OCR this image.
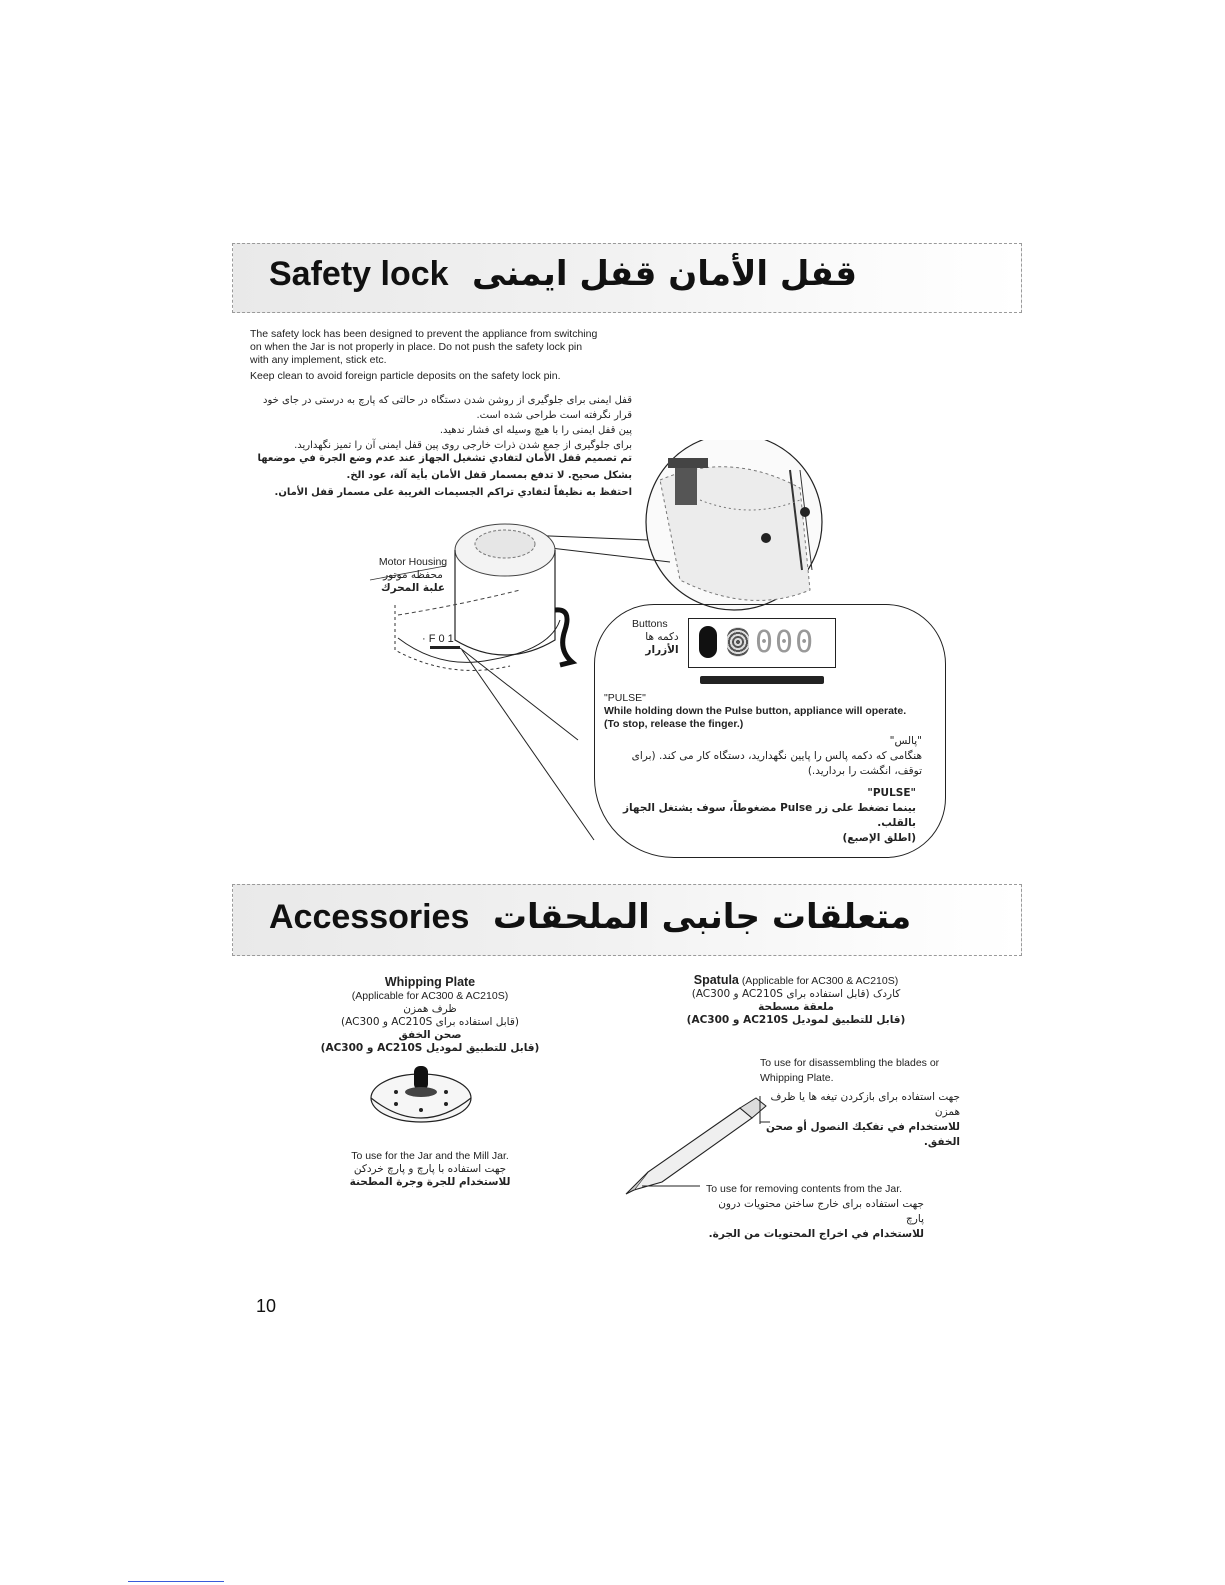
Safety lock قفل الأمان قفل ایمنی
The safety lock has been designed to prevent the appliance from switching
on when the Jar is not properly in place. Do not push the safety lock pin
with any implement, stick etc.
Keep clean to avoid foreign particle deposits on the safety lock pin.
قفل ایمنی برای جلوگیری از روشن شدن دستگاه در حالتی که پارچ به درستی در جای خود قرار نگرفته است طراحی شده است.
پین قفل ایمنی را با هیچ وسیله ای فشار ندهید.
برای جلوگیری از جمع شدن ذرات خارجی روی پین قفل ایمنی آن را تمیز نگهدارید.
تم تصميم قفل الأمان لتفادي تشغيل الجهاز عند عدم وضع الجرة في موضعها
بشكل صحيح. لا تدفع بمسمار قفل الأمان بأية آلة، عود الخ.
احتفظ به نظيفاً لتفادي تراكم الجسيمات الغريبة على مسمار قفل الأمان.
· F 0 1
Motor Housing
محفظه موتور
علبة المحرك
Buttons
دکمه ها
الأزرار	000
"PULSE"
While holding down the Pulse button, appliance will operate.
(To stop, release the finger.)
"پالس"
هنگامی که دکمه پالس را پایین نگهدارید، دستگاه کار می کند. (برای
توقف، انگشت را بردارید.)
"PULSE"
بينما تضغط على زر Pulse مضغوطاً، سوف يشتغل الجهاز بالقلب.
(اطلق الإصبع)
Accessories متعلقات جانبی الملحقات
Whipping Plate
(Applicable for AC300 & AC210S)
ظرف همزن
(قابل استفاده برای AC210S و AC300)
صحن الخفق
(قابل للتطبيق لموديل AC210S و AC300)
To use for the Jar and the Mill Jar.
جهت استفاده با پارچ و پارچ خردکن
للاستخدام للجرة وجرة المطحنة
Spatula (Applicable for AC300 & AC210S)
کاردک (قابل استفاده برای AC210S و AC300)
ملعقة مسطحة
(قابل للتطبيق لموديل AC210S و AC300)
To use for disassembling the blades or
Whipping Plate.
جهت استفاده برای بازکردن تیغه ها یا ظرف همزن
للاستخدام في تفكيك النصول أو صحن
الخفق.
To use for removing contents from the Jar.
جهت استفاده برای خارج ساختن محتویات درون پارچ
للاستخدام في اخراج المحتويات من الجرة.
10
